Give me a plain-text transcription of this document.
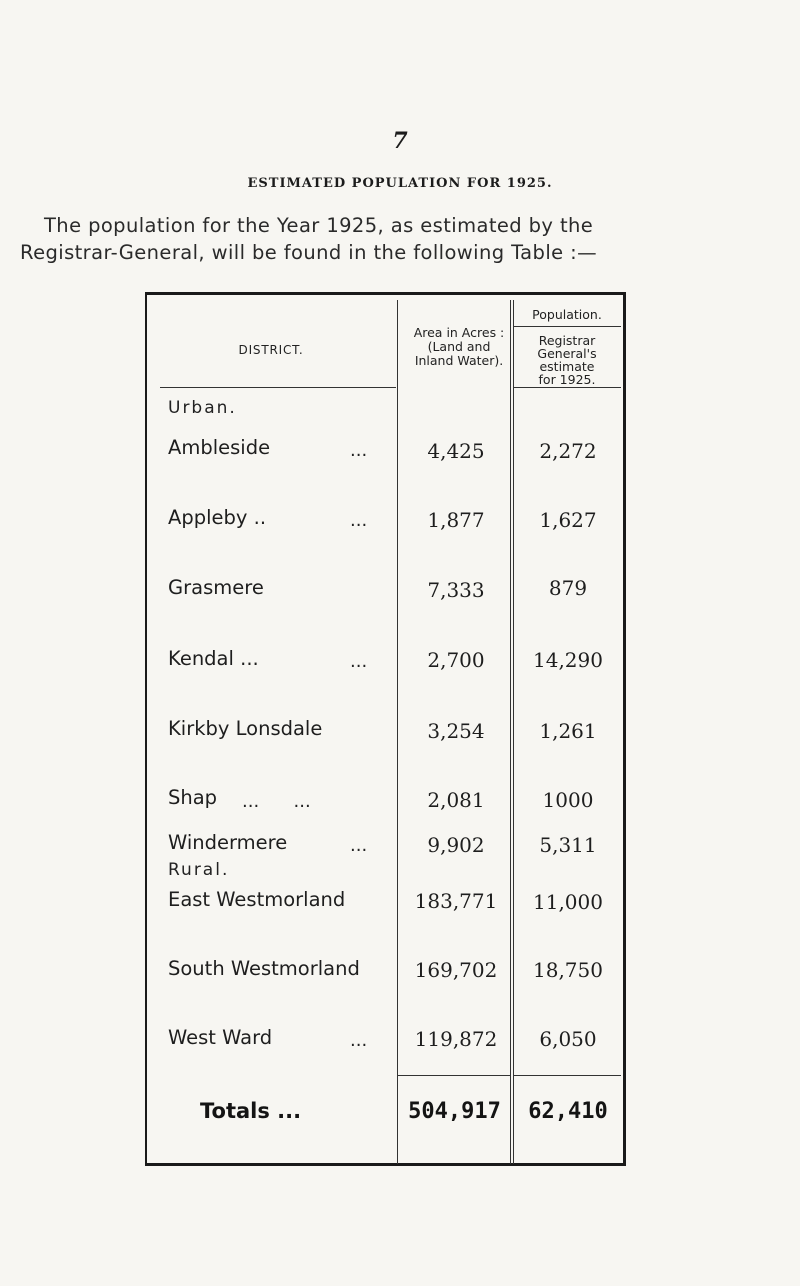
7
ESTIMATED POPULATION FOR 1925.
The population for the Year 1925, as estimated by the
Registrar-General, will be found in the following Table :—
DISTRICT.
Area in Acres :
(Land and
Inland Water).
Population.
Registrar
General's
estimate
for 1925.
Urban.
Rural.
Ambleside	...	4,425	2,272
Appleby ..	...	1,877	1,627
Grasmere	7,333	879
Kendal ...	...	2,700	14,290
Kirkby Lonsdale	3,254	1,261
Shap ...      ...	2,081	1000
Windermere	...	9,902	5,311
East Westmorland	183,771	11,000
South Westmorland	169,702	18,750
West Ward	...	119,872	6,050
Totals ...	504,917	62,410
